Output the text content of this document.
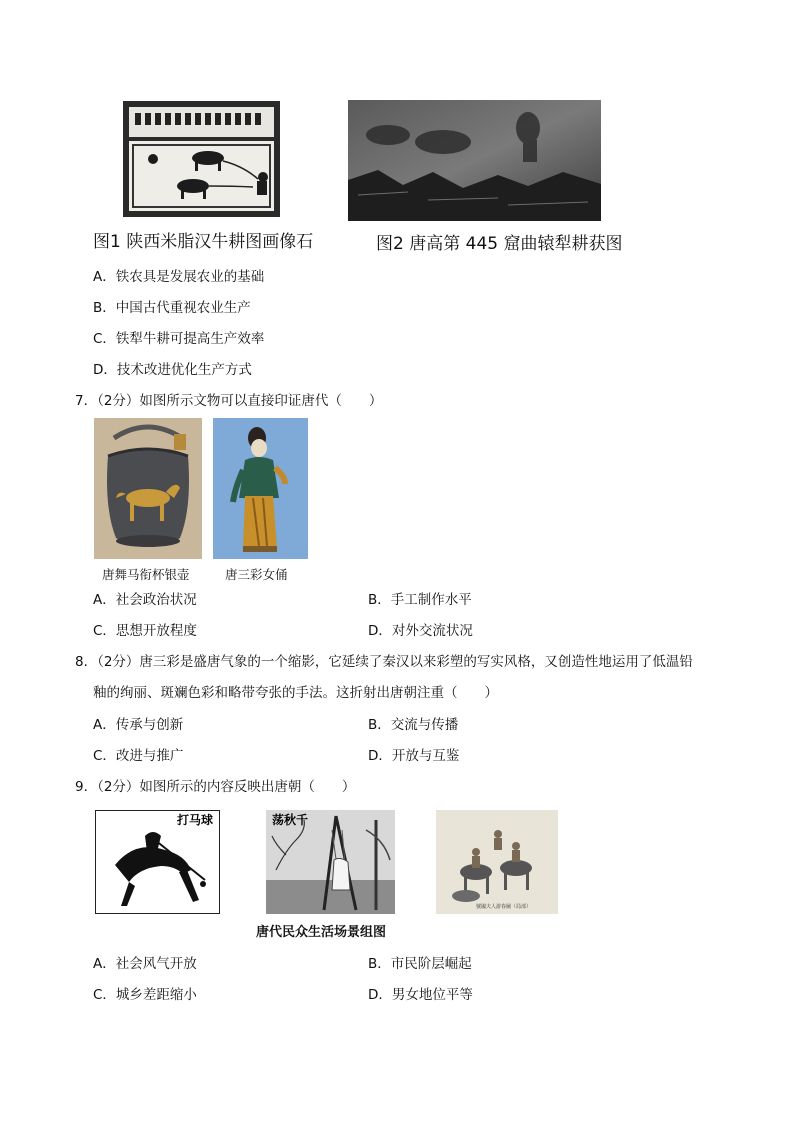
图1 陕西米脂汉牛耕图画像石	图2 唐高第 445 窟曲辕犁耕获图
A．铁农具是发展农业的基础
B．中国古代重视农业生产
C．铁犁牛耕可提高生产效率
D．技术改进优化生产方式
7．（2分）如图所示文物可以直接印证唐代（　　）
唐舞马衔杯银壶	唐三彩女俑
A．社会政治状况	B．手工制作水平
C．思想开放程度	D．对外交流状况
8．（2分）唐三彩是盛唐气象的一个缩影，它延续了秦汉以来彩塑的写实风格，又创造性地运用了低温铅
釉的绚丽、斑斓色彩和略带夸张的手法。这折射出唐朝注重（　　）
A．传承与创新	B．交流与传播
C．改进与推广	D．开放与互鉴
9．（2分）如图所示的内容反映出唐朝（　　）
打马球	荡秋千
號國夫人游春圖（局部）
唐代民众生活场景组图
A．社会风气开放	B．市民阶层崛起
C．城乡差距缩小	D．男女地位平等
